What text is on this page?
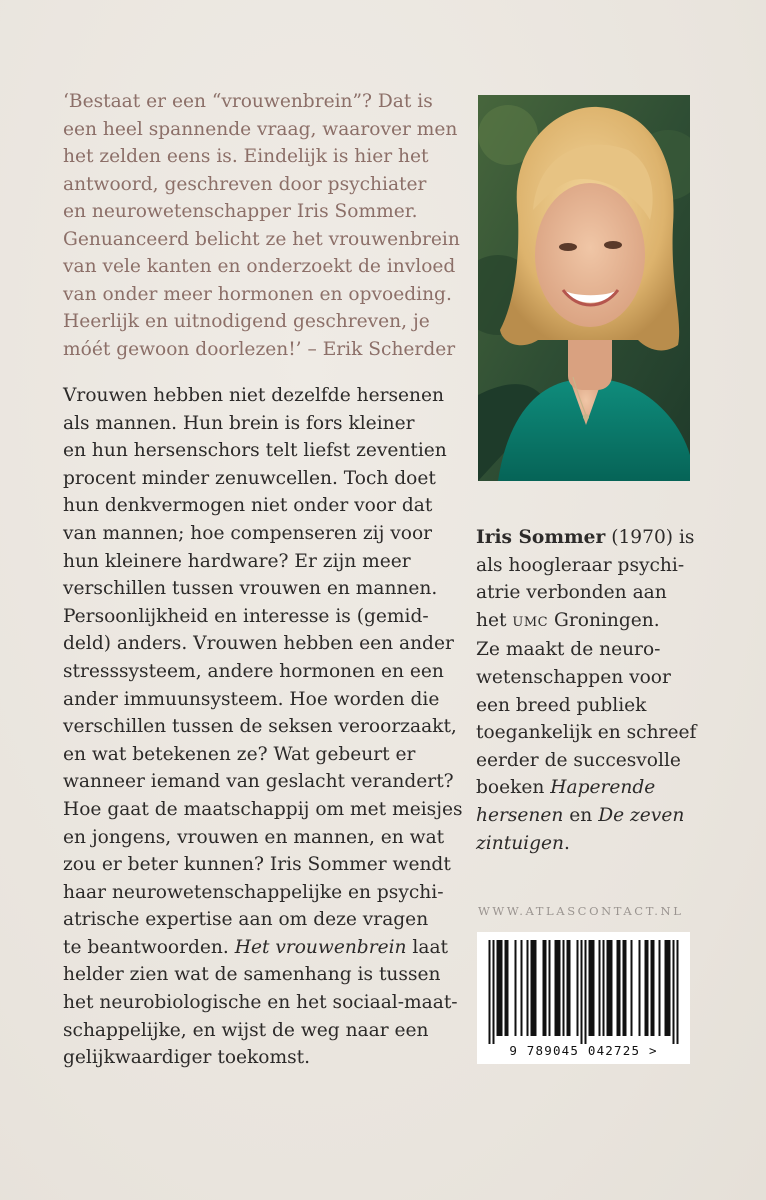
‘Bestaat er een “vrouwenbrein”? Dat is
een heel spannende vraag, waarover men
het zelden eens is. Eindelijk is hier het
antwoord, geschreven door psychiater
en neurowetenschapper Iris Sommer.
Genuanceerd belicht ze het vrouwenbrein
van vele kanten en onderzoekt de invloed
van onder meer hormonen en opvoeding.
Heerlijk en uitnodigend geschreven, je
móét gewoon doorlezen!’ – Erik Scherder

Vrouwen hebben niet dezelfde hersenen
als mannen. Hun brein is fors kleiner
en hun hersenschors telt liefst zeventien
procent minder zenuwcellen. Toch doet
hun denkvermogen niet onder voor dat
van mannen; hoe compenseren zij voor
hun kleinere hardware? Er zijn meer
verschillen tussen vrouwen en mannen.
Persoonlijkheid en interesse is (gemid-
deld) anders. Vrouwen hebben een ander
stresssysteem, andere hormonen en een
ander immuunsysteem. Hoe worden die
verschillen tussen de seksen veroorzaakt,
en wat betekenen ze? Wat gebeurt er
wanneer iemand van geslacht verandert?
Hoe gaat de maatschappij om met meisjes
en jongens, vrouwen en mannen, en wat
zou er beter kunnen? Iris Sommer wendt
haar neurowetenschappelijke en psychi-
atrische expertise aan om deze vragen
te beantwoorden. Het vrouwenbrein laat
helder zien wat de samenhang is tussen
het neurobiologische en het sociaal-maat-
schappelijke, en wijst de weg naar een
gelijkwaardiger toekomst.

Iris Sommer (1970) is
als hoogleraar psychi-
atrie verbonden aan
het UMC Groningen.
Ze maakt de neuro-
wetenschappen voor
een breed publiek
toegankelijk en schreef
eerder de succesvolle
boeken Haperende
hersenen en De zeven
zintuigen.

WWW.ATLASCONTACT.NL
9 789045 042725 >
